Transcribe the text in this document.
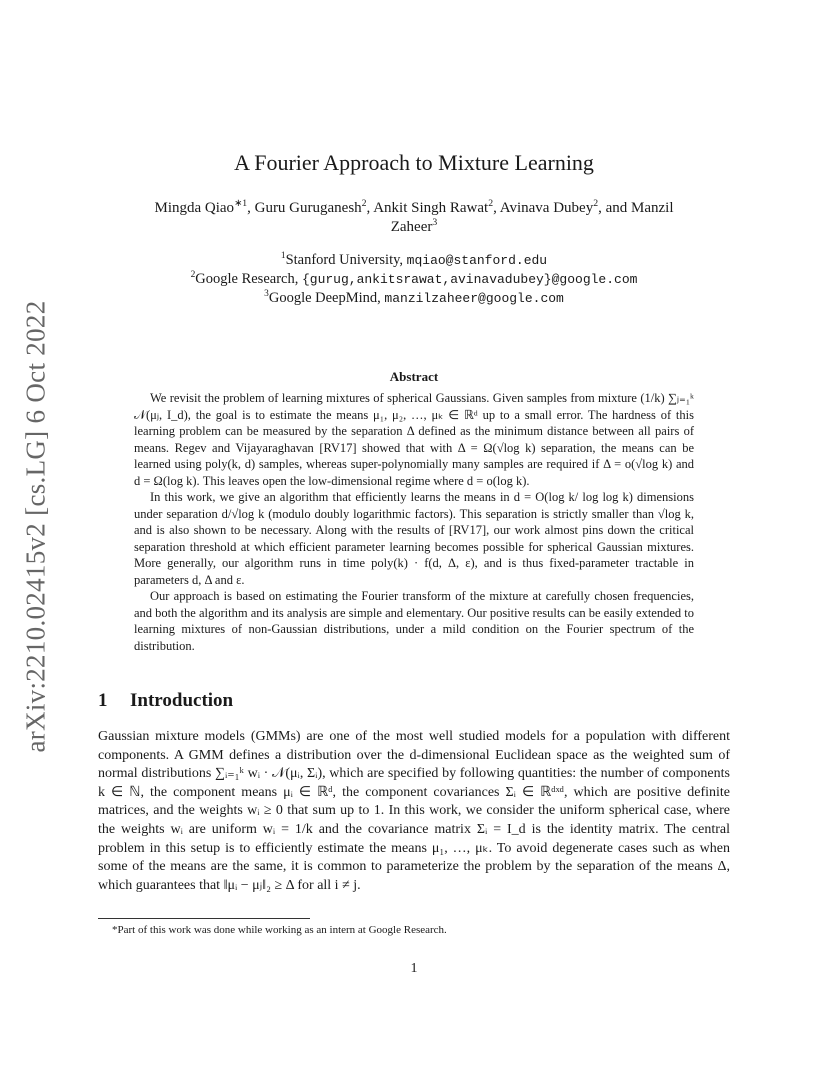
arXiv:2210.02415v2 [cs.LG] 6 Oct 2022
A Fourier Approach to Mixture Learning
Mingda Qiao$^{∗1}$, Guru Guruganesh$^2$, Ankit Singh Rawat$^2$, Avinava Dubey$^2$, and Manzil Zaheer$^3$
$^1$Stanford University, mqiao@stanford.edu
$^2$Google Research, {gurug,ankitsrawat,avinavadubey}@google.com
$^3$Google DeepMind, manzilzaheer@google.com
Abstract

We revisit the problem of learning mixtures of spherical Gaussians. Given samples from mixture (1/k) ∑ⱼ₌₁ᵏ 𝒩(μⱼ, I_d), the goal is to estimate the means μ₁, μ₂, …, μₖ ∈ ℝᵈ up to a small error. The hardness of this learning problem can be measured by the separation Δ defined as the minimum distance between all pairs of means. Regev and Vijayaraghavan [RV17] showed that with Δ = Ω(√log k) separation, the means can be learned using poly(k, d) samples, whereas super-polynomially many samples are required if Δ = o(√log k) and d = Ω(log k). This leaves open the low-dimensional regime where d = o(log k).

In this work, we give an algorithm that efficiently learns the means in d = O(log k/ log log k) dimensions under separation d/√log k (modulo doubly logarithmic factors). This separation is strictly smaller than √log k, and is also shown to be necessary. Along with the results of [RV17], our work almost pins down the critical separation threshold at which efficient parameter learning becomes possible for spherical Gaussian mixtures. More generally, our algorithm runs in time poly(k) · f(d, Δ, ε), and is thus fixed-parameter tractable in parameters d, Δ and ε.

Our approach is based on estimating the Fourier transform of the mixture at carefully chosen frequencies, and both the algorithm and its analysis are simple and elementary. Our positive results can be easily extended to learning mixtures of non-Gaussian distributions, under a mild condition on the Fourier spectrum of the distribution.

1 Introduction

Gaussian mixture models (GMMs) are one of the most well studied models for a population with different components. A GMM defines a distribution over the d-dimensional Euclidean space as the weighted sum of normal distributions ∑ᵢ₌₁ᵏ wᵢ · 𝒩(μᵢ, Σᵢ), which are specified by following quantities: the number of components k ∈ ℕ, the component means μᵢ ∈ ℝᵈ, the component covariances Σᵢ ∈ ℝᵈˣᵈ, which are positive definite matrices, and the weights wᵢ ≥ 0 that sum up to 1. In this work, we consider the uniform spherical case, where the weights wᵢ are uniform wᵢ = 1/k and the covariance matrix Σᵢ = I_d is the identity matrix. The central problem in this setup is to efficiently estimate the means μ₁, …, μₖ. To avoid degenerate cases such as when some of the means are the same, it is common to parameterize the problem by the separation of the means Δ, which guarantees that ‖μᵢ − μⱼ‖₂ ≥ Δ for all i ≠ j.

*Part of this work was done while working as an intern at Google Research.
1
